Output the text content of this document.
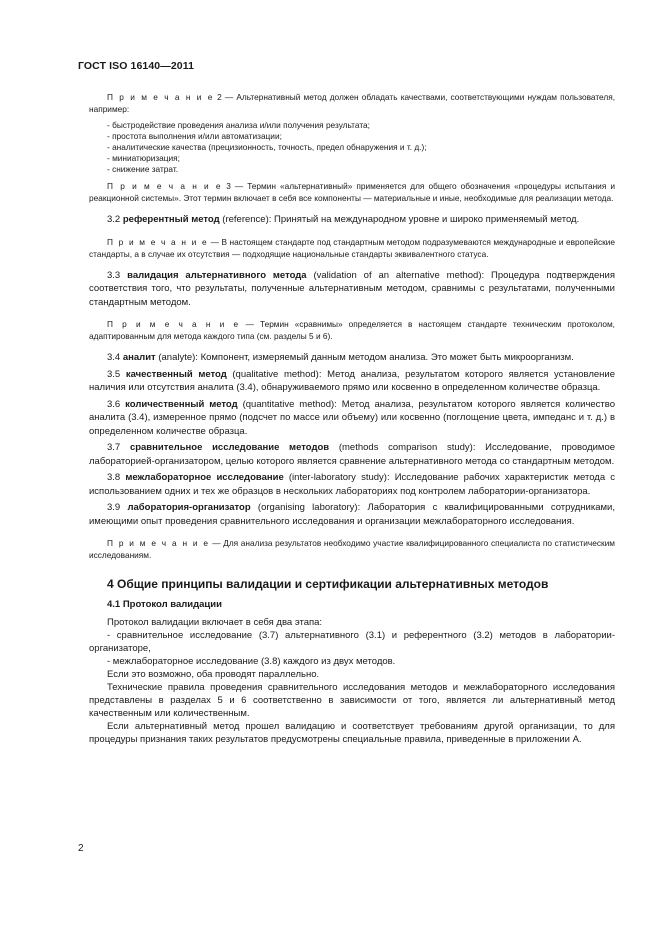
ГОСТ ISO 16140—2011

П р и м е ч а н и е 2 — Альтернативный метод должен обладать качествами, соответствующими нуждам пользователя, например:

- быстродействие проведения анализа и/или получения результата;
- простота выполнения и/или автоматизации;
- аналитические качества (прецизионность, точность, предел обнаружения и т. д.);
- миниатюризация;
- снижение затрат.

П р и м е ч а н и е 3 — Термин «альтернативный» применяется для общего обозначения «процедуры испытания и реакционной системы». Этот термин включает в себя все компоненты — материальные и иные, необходимые для реализации метода.

3.2 референтный метод (reference): Принятый на международном уровне и широко применяемый метод.

П р и м е ч а н и е — В настоящем стандарте под стандартным методом подразумеваются международные и европейские стандарты, а в случае их отсутствия — подходящие национальные стандарты эквивалентного статуса.

3.3 валидация альтернативного метода (validation of an alternative method): Процедура подтверждения соответствия того, что результаты, полученные альтернативным методом, сравнимы с результатами, полученными стандартным методом.

П р и м е ч а н и е — Термин «сравнимы» определяется в настоящем стандарте техническим протоколом, адаптированным для метода каждого типа (см. разделы 5 и 6).

3.4 аналит (analyte): Компонент, измеряемый данным методом анализа. Это может быть микроорганизм.

3.5 качественный метод (qualitative method): Метод анализа, результатом которого является установление наличия или отсутствия аналита (3.4), обнаруживаемого прямо или косвенно в определенном количестве образца.

3.6 количественный метод (quantitative method): Метод анализа, результатом которого является количество аналита (3.4), измеренное прямо (подсчет по массе или объему) или косвенно (поглощение цвета, импеданс и т. д.) в определенном количестве образца.

3.7 сравнительное исследование методов (methods comparison study): Исследование, проводимое лабораторией-организатором, целью которого является сравнение альтернативного метода со стандартным методом.

3.8 межлабораторное исследование (inter-laboratory study): Исследование рабочих характеристик метода с использованием одних и тех же образцов в нескольких лабораториях под контролем лаборатории-организатора.

3.9 лаборатория-организатор (organising laboratory): Лаборатория с квалифицированными сотрудниками, имеющими опыт проведения сравнительного исследования и организации межлабораторного исследования.

П р и м е ч а н и е — Для анализа результатов необходимо участие квалифицированного специалиста по статистическим исследованиям.

4 Общие принципы валидации и сертификации альтернативных методов
4.1 Протокол валидации

Протокол валидации включает в себя два этапа:

- сравнительное исследование (3.7) альтернативного (3.1) и референтного (3.2) методов в лаборатории-организаторе,

- межлабораторное исследование (3.8) каждого из двух методов.

Если это возможно, оба проводят параллельно.

Технические правила проведения сравнительного исследования методов и межлабораторного исследования представлены в разделах 5 и 6 соответственно в зависимости от того, является ли альтернативный метод качественным или количественным.

Если альтернативный метод прошел валидацию и соответствует требованиям другой организации, то для процедуры признания таких результатов предусмотрены специальные правила, приведенные в приложении А.

2
